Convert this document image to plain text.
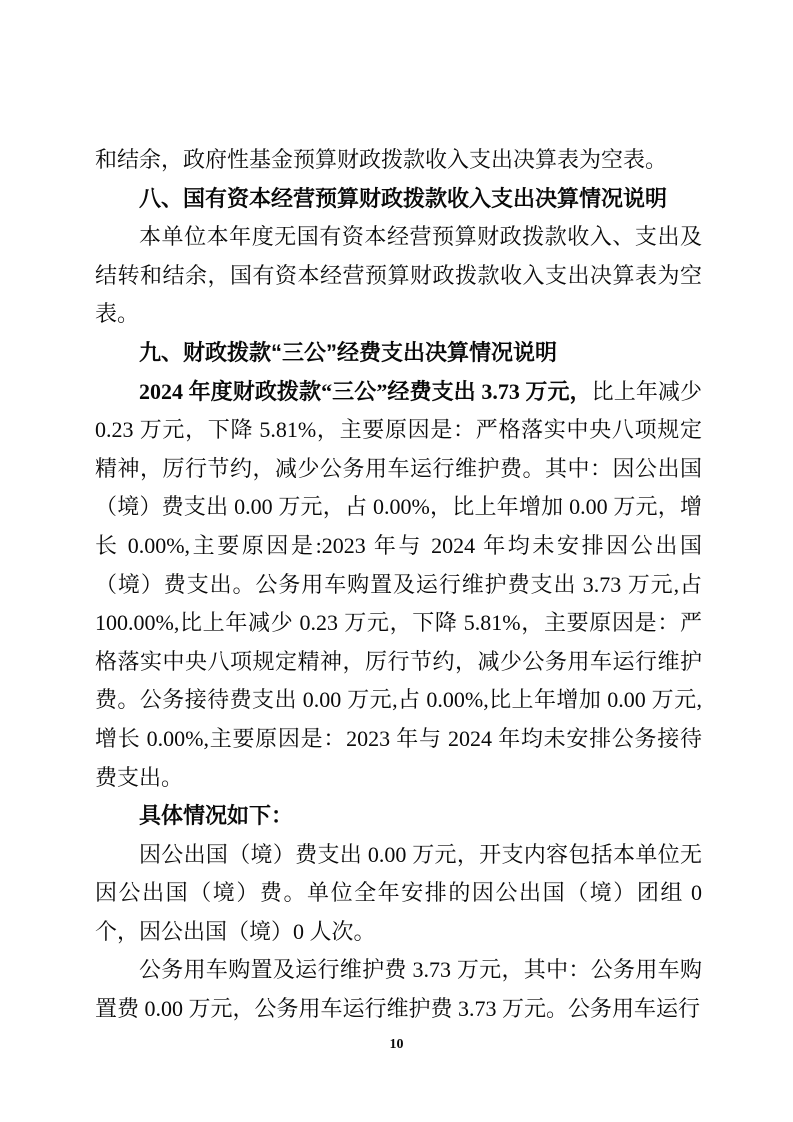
和结余，政府性基金预算财政拨款收入支出决算表为空表。

八、国有资本经营预算财政拨款收入支出决算情况说明

本单位本年度无国有资本经营预算财政拨款收入、支出及结转和结余，国有资本经营预算财政拨款收入支出决算表为空表。

九、财政拨款“三公”经费支出决算情况说明

2024 年度财政拨款“三公”经费支出 3.73 万元，比上年减少 0.23 万元，下降 5.81%，主要原因是：严格落实中央八项规定精神，厉行节约，减少公务用车运行维护费。其中：因公出国（境）费支出 0.00 万元，占 0.00%，比上年增加 0.00 万元，增长 0.00%,主要原因是:2023 年与 2024 年均未安排因公出国（境）费支出。公务用车购置及运行维护费支出 3.73 万元,占 100.00%,比上年减少 0.23 万元，下降 5.81%，主要原因是：严格落实中央八项规定精神，厉行节约，减少公务用车运行维护费。公务接待费支出 0.00 万元,占 0.00%,比上年增加 0.00 万元,增长 0.00%,主要原因是：2023 年与 2024 年均未安排公务接待费支出。

具体情况如下：

因公出国（境）费支出 0.00 万元，开支内容包括本单位无因公出国（境）费。单位全年安排的因公出国（境）团组 0 个，因公出国（境）0 人次。

公务用车购置及运行维护费 3.73 万元，其中：公务用车购置费 0.00 万元，公务用车运行维护费 3.73 万元。公务用车运行

10
